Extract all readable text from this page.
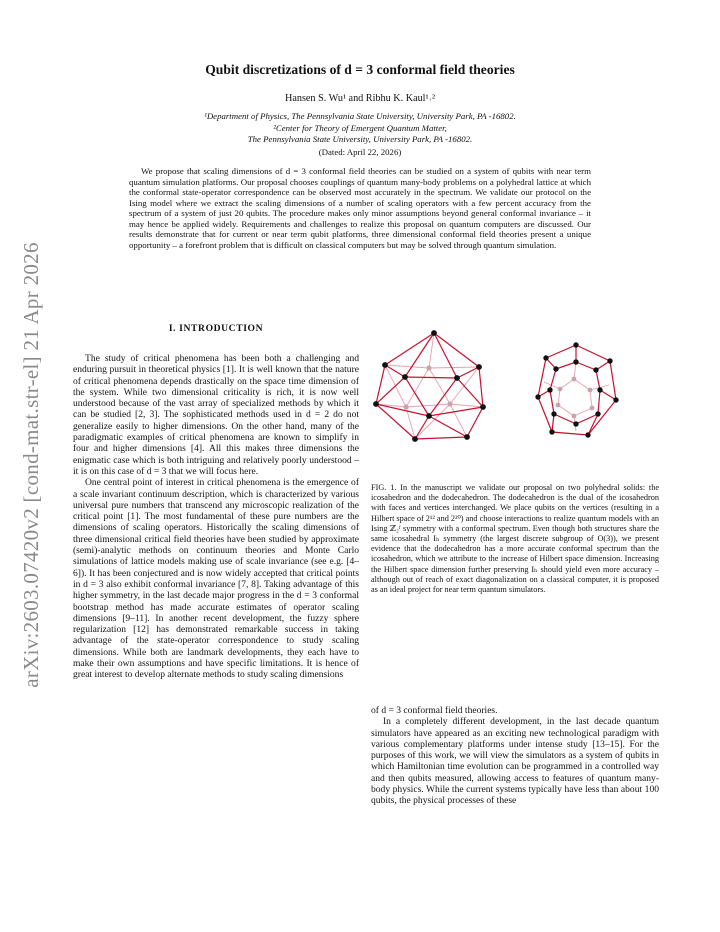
arXiv:2603.07420v2 [cond-mat.str-el] 21 Apr 2026
Qubit discretizations of d = 3 conformal field theories
Hansen S. Wu¹ and Ribhu K. Kaul¹˒²
¹Department of Physics, The Pennsylvania State University, University Park, PA -16802.
²Center for Theory of Emergent Quantum Matter,
The Pennsylvania State University, University Park, PA -16802.
(Dated: April 22, 2026)
We propose that scaling dimensions of d = 3 conformal field theories can be studied on a system of qubits with near term quantum simulation platforms. Our proposal chooses couplings of quantum many-body problems on a polyhedral lattice at which the conformal state-operator correspondence can be observed most accurately in the spectrum. We validate our protocol on the Ising model where we extract the scaling dimensions of a number of scaling operators with a few percent accuracy from the spectrum of a system of just 20 qubits. The procedure makes only minor assumptions beyond general conformal invariance – it may hence be applied widely. Requirements and challenges to realize this proposal on quantum computers are discussed. Our results demonstrate that for current or near term qubit platforms, three dimensional conformal field theories present a unique opportunity – a forefront problem that is difficult on classical computers but may be solved through quantum simulation.
I. INTRODUCTION

The study of critical phenomena has been both a challenging and enduring pursuit in theoretical physics [1]. It is well known that the nature of critical phenomena depends drastically on the space time dimension of the system. While two dimensional criticality is rich, it is now well understood because of the vast array of specialized methods by which it can be studied [2, 3]. The sophisticated methods used in d = 2 do not generalize easily to higher dimensions. On the other hand, many of the paradigmatic examples of critical phenomena are known to simplify in four and higher dimensions [4]. All this makes three dimensions the enigmatic case which is both intriguing and relatively poorly understood – it is on this case of d = 3 that we will focus here.

One central point of interest in critical phenomena is the emergence of a scale invariant continuum description, which is characterized by various universal pure numbers that transcend any microscopic realization of the critical point [1]. The most fundamental of these pure numbers are the dimensions of scaling operators. Historically the scaling dimensions of three dimensional critical field theories have been studied by approximate (semi)-analytic methods on continuum theories and Monte Carlo simulations of lattice models making use of scale invariance (see e.g. [4–6]). It has been conjectured and is now widely accepted that critical points in d = 3 also exhibit conformal invariance [7, 8]. Taking advantage of this higher symmetry, in the last decade major progress in the d = 3 conformal bootstrap method has made accurate estimates of operator scaling dimensions [9–11]. In another recent development, the fuzzy sphere regularization [12] has demonstrated remarkable success in taking advantage of the state-operator correspondence to study scaling dimensions. While both are landmark developments, they each have to make their own assumptions and have specific limitations. It is hence of great interest to develop alternate methods to study scaling dimensions

FIG. 1. In the manuscript we validate our proposal on two polyhedral solids: the icosahedron and the dodecahedron. The dodecahedron is the dual of the icosahedron with faces and vertices interchanged. We place qubits on the vertices (resulting in a Hilbert space of 2¹² and 2²⁰) and choose interactions to realize quantum models with an Ising ℤ₂ᶠ symmetry with a conformal spectrum. Even though both structures share the same icosahedral Iₕ symmetry (the largest discrete subgroup of O(3)), we present evidence that the dodecahedron has a more accurate conformal spectrum than the icosahedron, which we attribute to the increase of Hilbert space dimension. Increasing the Hilbert space dimension further preserving Iₕ should yield even more accuracy – although out of reach of exact diagonalization on a classical computer, it is proposed as an ideal project for near term quantum simulators.

of d = 3 conformal field theories.

In a completely different development, in the last decade quantum simulators have appeared as an exciting new technological paradigm with various complementary platforms under intense study [13–15]. For the purposes of this work, we will view the simulators as a system of qubits in which Hamiltonian time evolution can be programmed in a controlled way and then qubits measured, allowing access to features of quantum many-body physics. While the current systems typically have less than about 100 qubits, the physical processes of these
